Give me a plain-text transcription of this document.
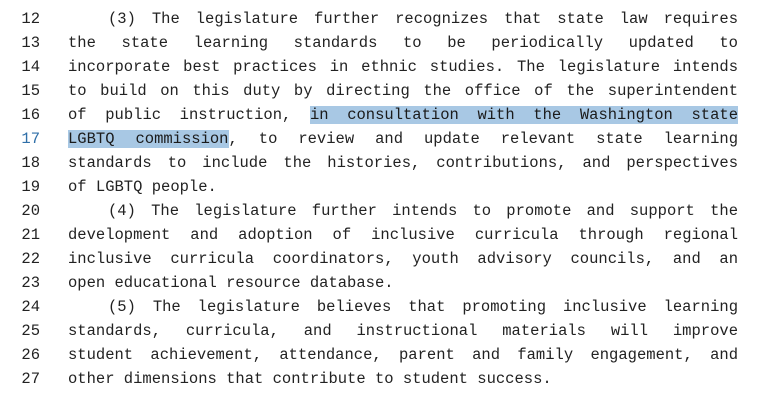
12	(3) The legislature further recognizes that state law requires
13 the state learning standards to be periodically updated to
14 incorporate best practices in ethnic studies. The legislature intends
15 to build on this duty by directing the office of the superintendent
16 of public instruction, in consultation with the Washington state
17 LGBTQ commission, to review and update relevant state learning
18 standards to include the histories, contributions, and perspectives
19 of LGBTQ people.
20	(4) The legislature further intends to promote and support the
21 development and adoption of inclusive curricula through regional
22 inclusive curricula coordinators, youth advisory councils, and an
23 open educational resource database.
24	(5) The legislature believes that promoting inclusive learning
25 standards, curricula, and instructional materials will improve
26 student achievement, attendance, parent and family engagement, and
27 other dimensions that contribute to student success.
